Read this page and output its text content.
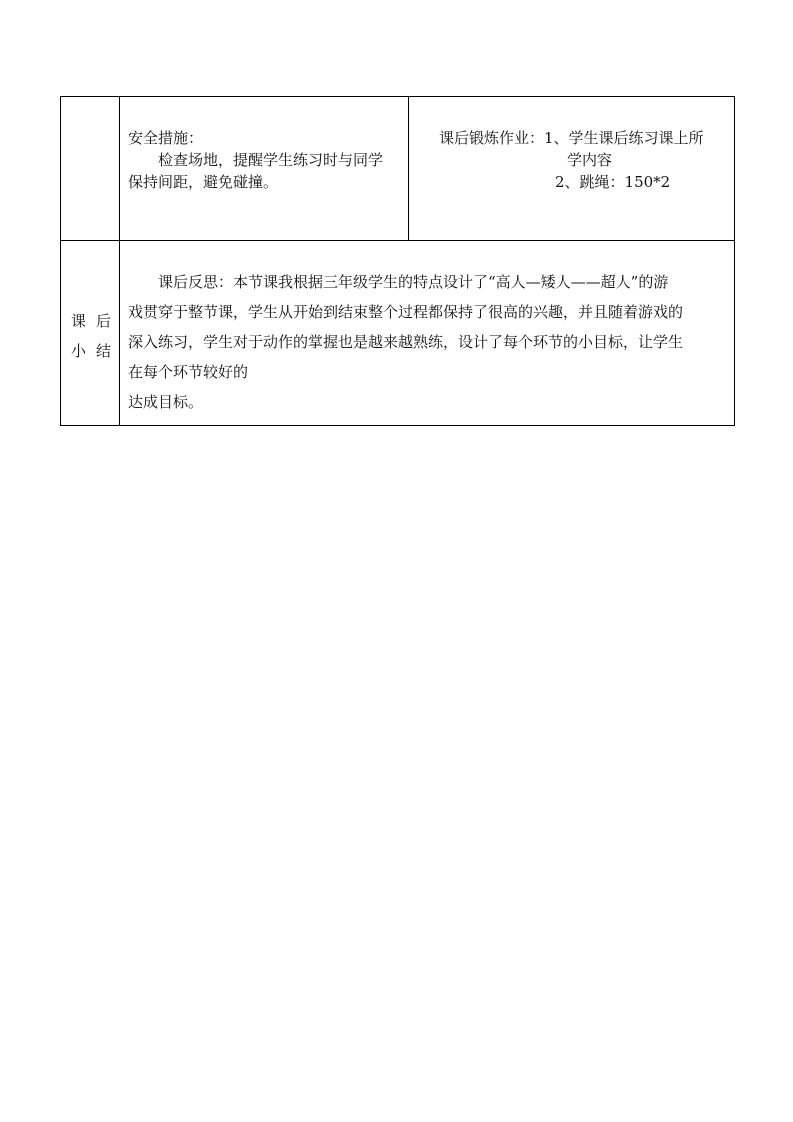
	安全措施：
检查场地，提醒学生练习时与同学
保持间距，避免碰撞。	课后锻炼作业：1、学生课后练习课上所
学内容
2、跳绳：150*2

课后
小结	课后反思：本节课我根据三年级学生的特点设计了“高人—矮人——超人”的游
戏贯穿于整节课，学生从开始到结束整个过程都保持了很高的兴趣，并且随着游戏的
深入练习，学生对于动作的掌握也是越来越熟练，设计了每个环节的小目标，让学生
在每个环节较好的
达成目标。	
